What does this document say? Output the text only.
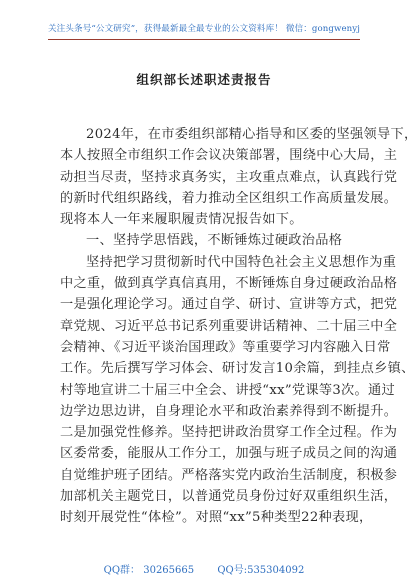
关注头条号“公文研究”，获得最新最全最专业的公文资料库！ 微信：gongwenyj
组织部长述职述责报告
2024年，在市委组织部精心指导和区委的坚强领导下，
本人按照全市组织工作会议决策部署，围绕中心大局，主
动担当尽责，坚持求真务实，主攻重点难点，认真践行党
的新时代组织路线，着力推动全区组织工作高质量发展。
现将本人一年来履职履责情况报告如下。
一、坚持学思悟践，不断锤炼过硬政治品格
坚持把学习贯彻新时代中国特色社会主义思想作为重
中之重，做到真学真信真用，不断锤炼自身过硬政治品格
一是强化理论学习。通过自学、研讨、宣讲等方式，把党
章党规、习近平总书记系列重要讲话精神、二十届三中全
会精神、《习近平谈治国理政》等重要学习内容融入日常
工作。先后撰写学习体会、研讨发言10余篇，到挂点乡镇、
村等地宣讲二十届三中全会、讲授“xx”党课等3次。通过
边学边思边讲，自身理论水平和政治素养得到不断提升。
二是加强党性修养。坚持把讲政治贯穿工作全过程。作为
区委常委，能服从工作分工，加强与班子成员之间的沟通
自觉维护班子团结。严格落实党内政治生活制度，积极参
加部机关主题党日，以普通党员身份过好双重组织生活，
时刻开展党性“体检”。对照“xx”5种类型22种表现，
QQ群： 30265665 QQ号:535304092
